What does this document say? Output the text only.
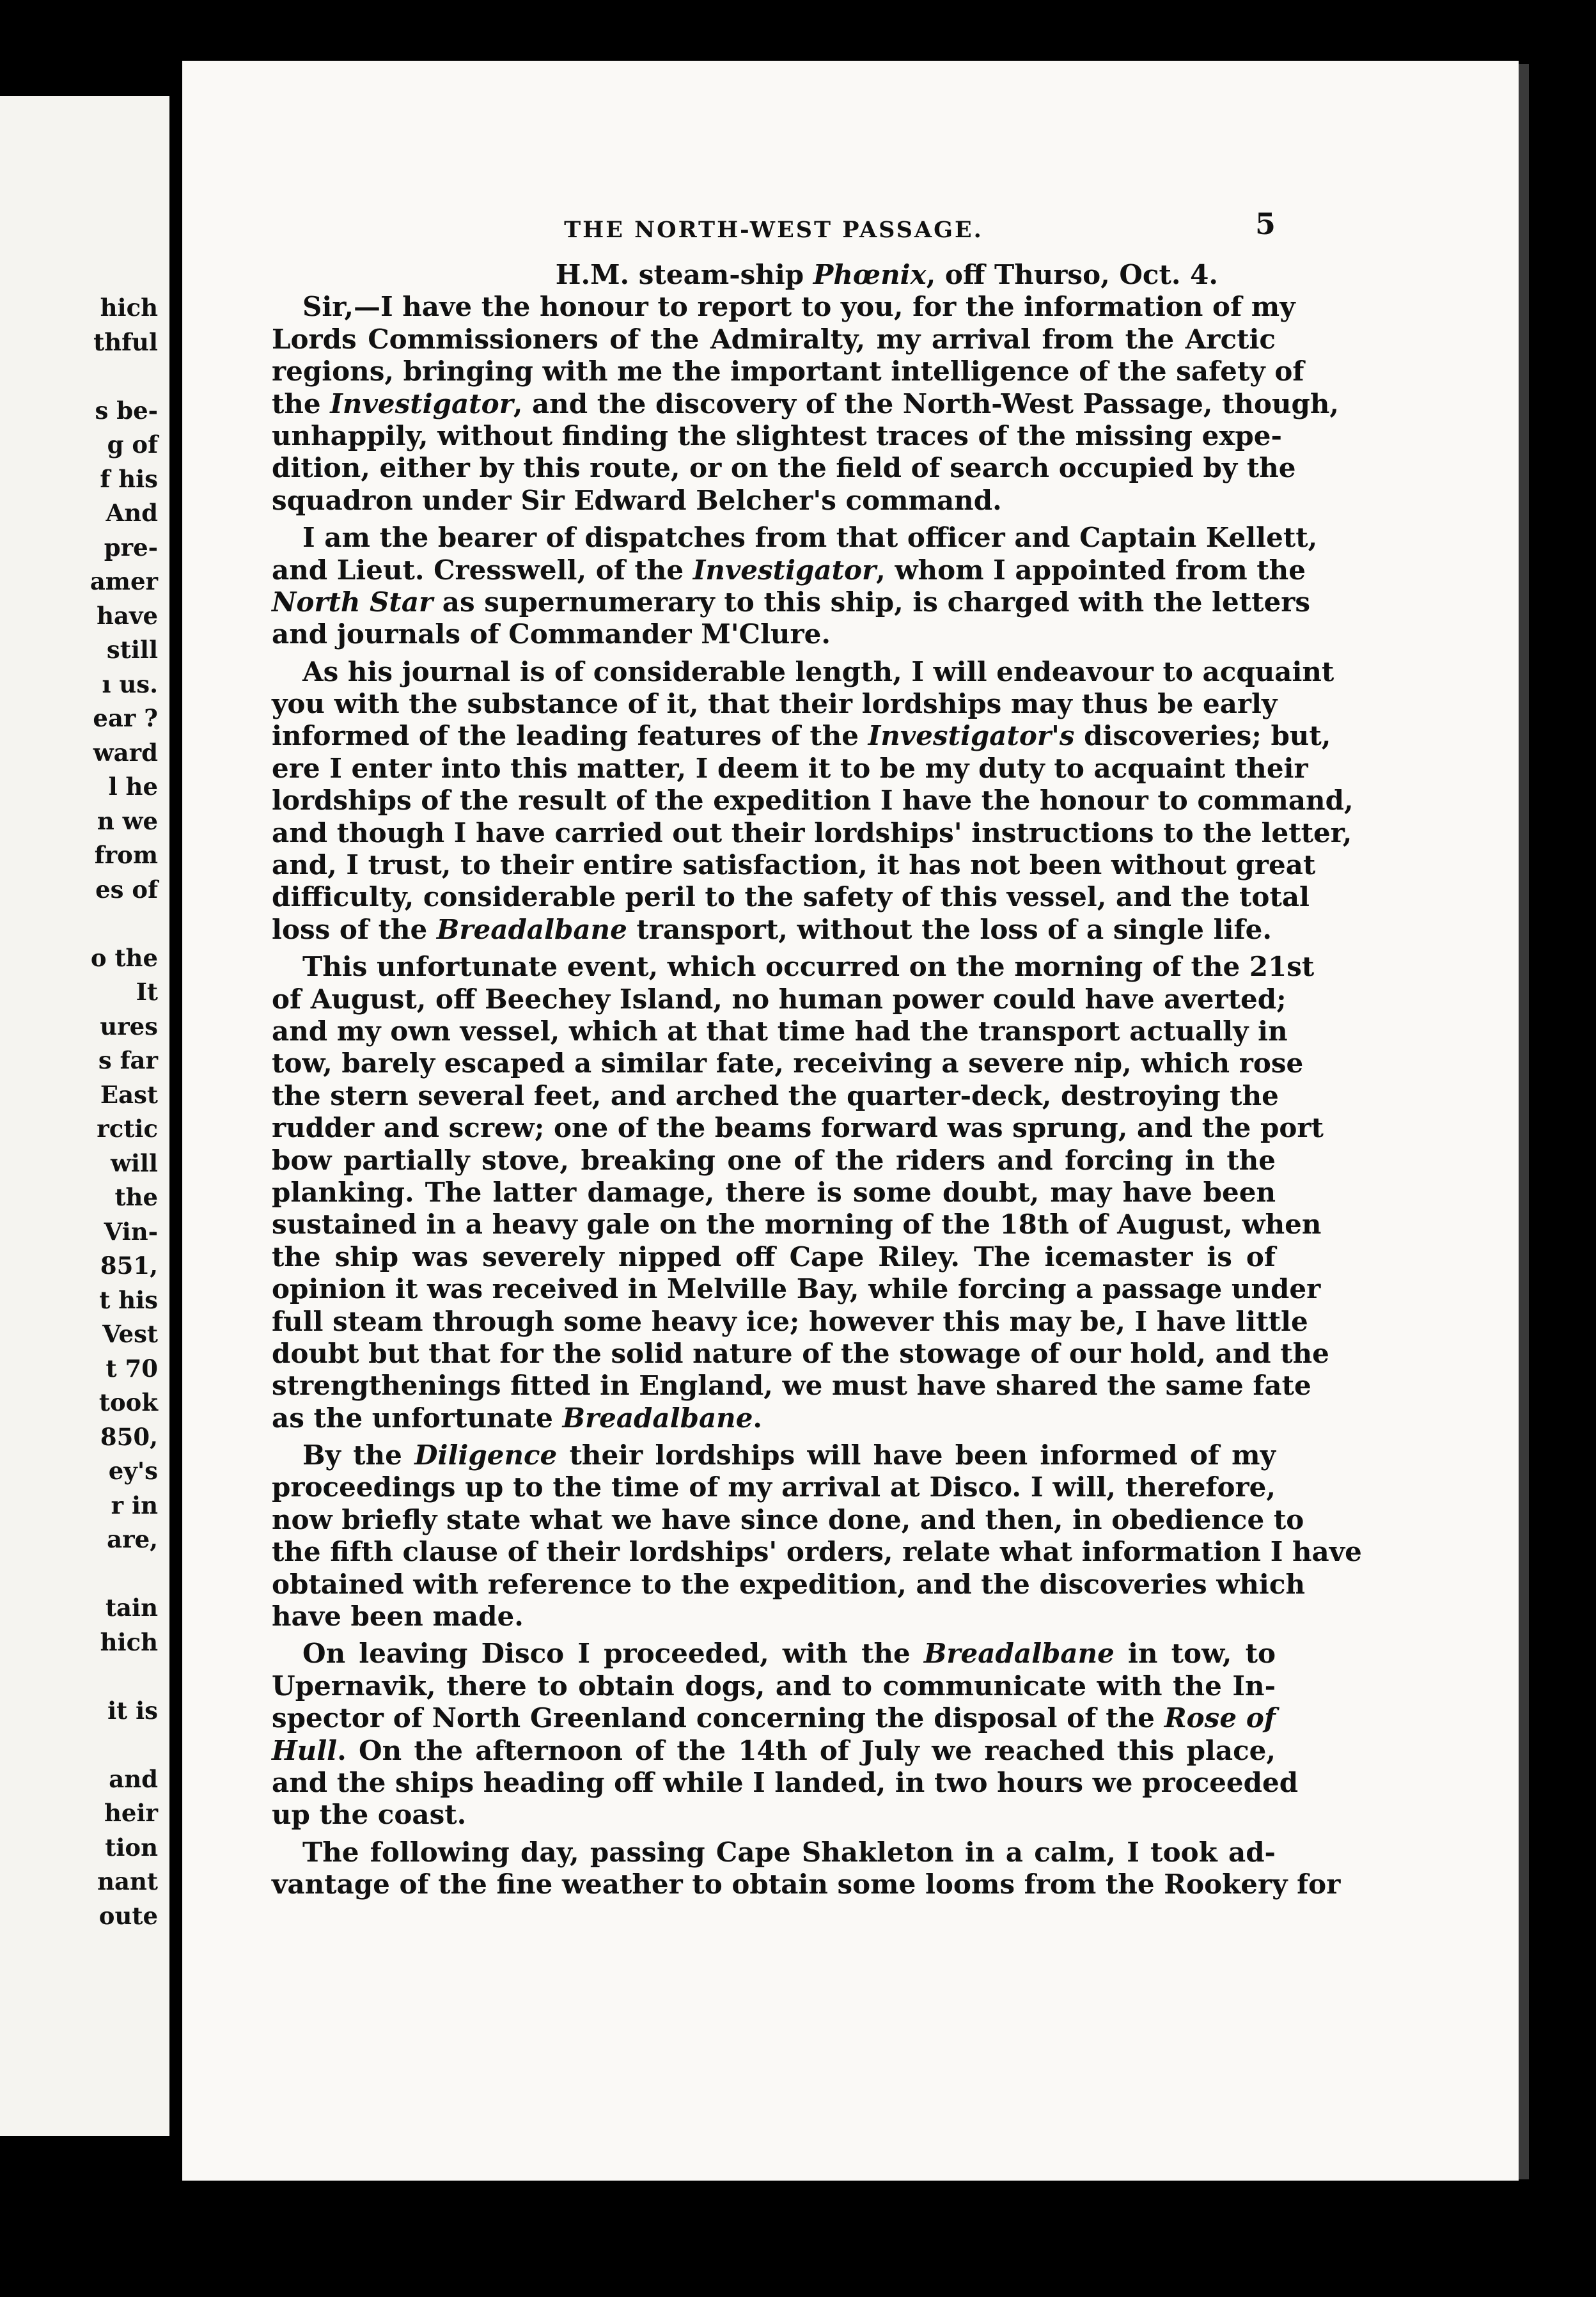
hich
thful
s be-
g of
f his
And
pre-
amer
have
still
ı us.
ear ?
ward
l he
n we
from
es of
o the
It
ures
s far
East
rctic
will
the
Vin-
851,
t his
Vest
t 70
took
850,
ey's
r in
are,
tain
hich
it is
and
heir
tion
nant
oute
THE NORTH-WEST PASSAGE.	5
H.M. steam-ship Phœnix, off Thurso, Oct. 4.
Sir,—I have the honour to report to you, for the information of my
Lords Commissioners of the Admiralty, my arrival from the Arctic
regions, bringing with me the important intelligence of the safety of
the Investigator, and the discovery of the North-West Passage, though,
unhappily, without finding the slightest traces of the missing expe-
dition, either by this route, or on the field of search occupied by the
squadron under Sir Edward Belcher's command.
I am the bearer of dispatches from that officer and Captain Kellett,
and Lieut. Cresswell, of the Investigator, whom I appointed from the
North Star as supernumerary to this ship, is charged with the letters
and journals of Commander M'Clure.
As his journal is of considerable length, I will endeavour to acquaint
you with the substance of it, that their lordships may thus be early
informed of the leading features of the Investigator's discoveries; but,
ere I enter into this matter, I deem it to be my duty to acquaint their
lordships of the result of the expedition I have the honour to command,
and though I have carried out their lordships' instructions to the letter,
and, I trust, to their entire satisfaction, it has not been without great
difficulty, considerable peril to the safety of this vessel, and the total
loss of the Breadalbane transport, without the loss of a single life.
This unfortunate event, which occurred on the morning of the 21st
of August, off Beechey Island, no human power could have averted;
and my own vessel, which at that time had the transport actually in
tow, barely escaped a similar fate, receiving a severe nip, which rose
the stern several feet, and arched the quarter-deck, destroying the
rudder and screw; one of the beams forward was sprung, and the port
bow partially stove, breaking one of the riders and forcing in the
planking. The latter damage, there is some doubt, may have been
sustained in a heavy gale on the morning of the 18th of August, when
the ship was severely nipped off Cape Riley. The icemaster is of
opinion it was received in Melville Bay, while forcing a passage under
full steam through some heavy ice; however this may be, I have little
doubt but that for the solid nature of the stowage of our hold, and the
strengthenings fitted in England, we must have shared the same fate
as the unfortunate Breadalbane.
By the Diligence their lordships will have been informed of my
proceedings up to the time of my arrival at Disco. I will, therefore,
now briefly state what we have since done, and then, in obedience to
the fifth clause of their lordships' orders, relate what information I have
obtained with reference to the expedition, and the discoveries which
have been made.
On leaving Disco I proceeded, with the Breadalbane in tow, to
Upernavik, there to obtain dogs, and to communicate with the In-
spector of North Greenland concerning the disposal of the Rose of
Hull. On the afternoon of the 14th of July we reached this place,
and the ships heading off while I landed, in two hours we proceeded
up the coast.
The following day, passing Cape Shakleton in a calm, I took ad-
vantage of the fine weather to obtain some looms from the Rookery for
